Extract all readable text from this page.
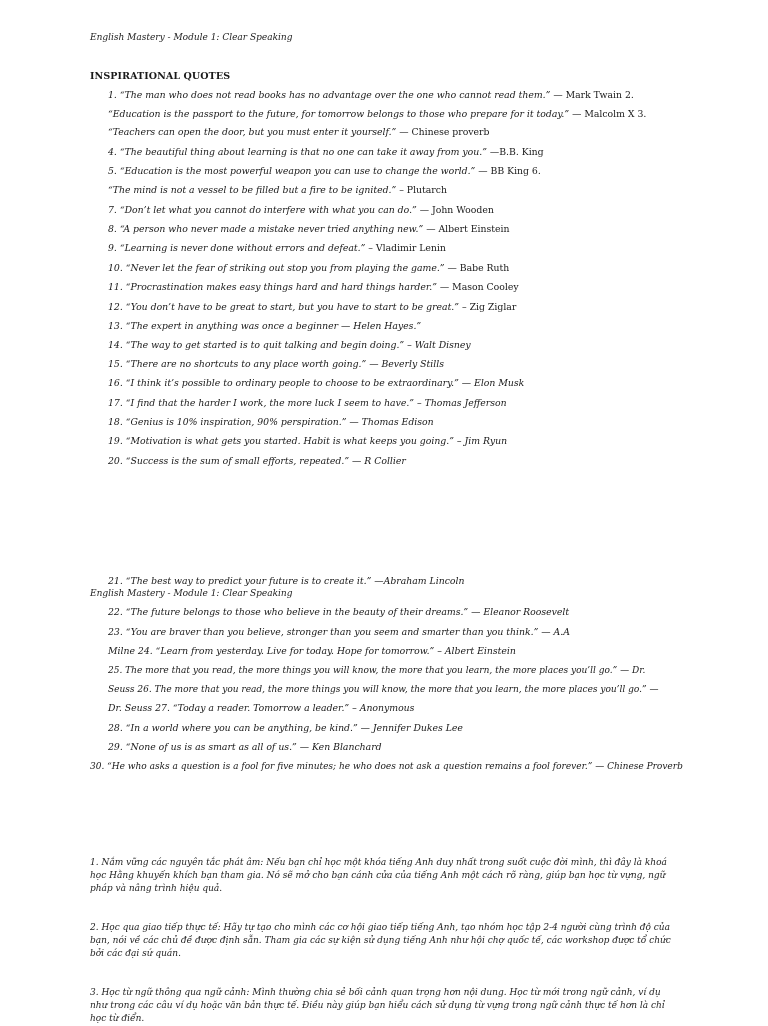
English Mastery - Module 1: Clear Speaking
INSPIRATIONAL QUOTES
1. “The man who does not read books has no advantage over the one who cannot read them.” — Mark Twain 2.
“Education is the passport to the future, for tomorrow belongs to those who prepare for it today.” — Malcolm X 3.
“Teachers can open the door, but you must enter it yourself.” — Chinese proverb
4. “The beautiful thing about learning is that no one can take it away from you.” —B.B. King
5. “Education is the most powerful weapon you can use to change the world.” — BB King 6.
“The mind is not a vessel to be filled but a fire to be ignited.” – Plutarch
7. “Don’t let what you cannot do interfere with what you can do.” — John Wooden
8. “A person who never made a mistake never tried anything new.” — Albert Einstein
9. “Learning is never done without errors and defeat.” – Vladimir Lenin
10. “Never let the fear of striking out stop you from playing the game.” — Babe Ruth
11. “Procrastination makes easy things hard and hard things harder.” — Mason Cooley
12. “You don’t have to be great to start, but you have to start to be great.” – Zig Ziglar
13. “The expert in anything was once a beginner — Helen Hayes.”
14. “The way to get started is to quit talking and begin doing.” – Walt Disney
15. “There are no shortcuts to any place worth going.” — Beverly Stills
16. “I think it’s possible to ordinary people to choose to be extraordinary.” — Elon Musk
17. “I find that the harder I work, the more luck I seem to have.” – Thomas Jefferson
18. “Genius is 10% inspiration, 90% perspiration.” — Thomas Edison
19. “Motivation is what gets you started. Habit is what keeps you going.” – Jim Ryun
20. “Success is the sum of small efforts, repeated.” — R Collier
21. “The best way to predict your future is to create it.” —Abraham Lincoln
English Mastery - Module 1: Clear Speaking
22. “The future belongs to those who believe in the beauty of their dreams.” — Eleanor Roosevelt
23. “You are braver than you believe, stronger than you seem and smarter than you think.” — A.A
Milne 24. “Learn from yesterday. Live for today. Hope for tomorrow.” – Albert Einstein
25. The more that you read, the more things you will know, the more that you learn, the more places you’ll go.” — Dr.
Seuss 26. The more that you read, the more things you will know, the more that you learn, the more places you’ll go.” —
Dr. Seuss 27. “Today a reader. Tomorrow a leader.” – Anonymous
28. “In a world where you can be anything, be kind.” — Jennifer Dukes Lee
29. “None of us is as smart as all of us.” — Ken Blanchard
30. “He who asks a question is a fool for five minutes; he who does not ask a question remains a fool forever.” — Chinese Proverb
1. Nắm vững các nguyên tắc phát âm: Nếu bạn chỉ học một khóa tiếng Anh duy nhất trong suốt cuộc đời mình, thì đây là khoá học Hằng khuyến khích bạn tham gia. Nó sẽ mở cho bạn cánh cửa của tiếng Anh một cách rõ ràng, giúp bạn học từ vựng, ngữ pháp và nâng trình hiệu quả.
2. Học qua giao tiếp thực tế: Hãy tự tạo cho mình các cơ hội giao tiếp tiếng Anh, tạo nhóm học tập 2-4 người cùng trình độ của bạn, nói về các chủ đề được định sẵn. Tham gia các sự kiện sử dụng tiếng Anh như hội chợ quốc tế, các workshop được tổ chức bởi các đại sứ quán.
3. Học từ ngữ thông qua ngữ cảnh: Mình thường chia sẻ bối cảnh quan trọng hơn nội dung. Học từ mới trong ngữ cảnh, ví dụ như trong các câu ví dụ hoặc văn bản thực tế. Điều này giúp bạn hiểu cách sử dụng từ vựng trong ngữ cảnh thực tế hơn là chỉ học từ điển.
